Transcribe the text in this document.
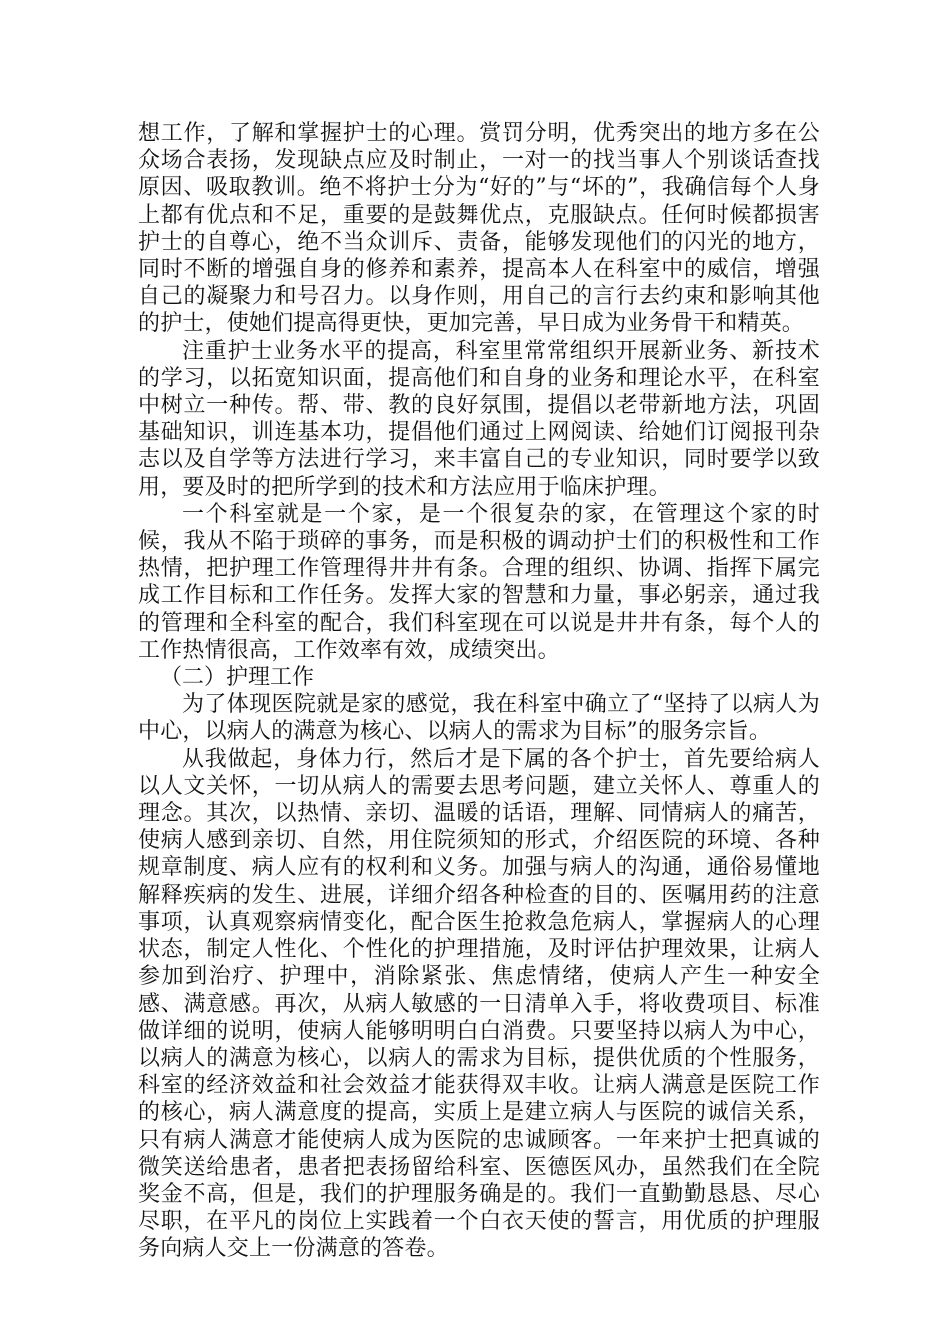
想工作，了解和掌握护士的心理。赏罚分明，优秀突出的地方多在公众场合表扬，发现缺点应及时制止，一对一的找当事人个别谈话查找原因、吸取教训。绝不将护士分为“好的”与“坏的”，我确信每个人身上都有优点和不足，重要的是鼓舞优点，克服缺点。任何时候都损害护士的自尊心，绝不当众训斥、责备，能够发现他们的闪光的地方，同时不断的增强自身的修养和素养，提高本人在科室中的威信，增强自己的凝聚力和号召力。以身作则，用自己的言行去约束和影响其他的护士，使她们提高得更快，更加完善，早日成为业务骨干和精英。

注重护士业务水平的提高，科室里常常组织开展新业务、新技术的学习，以拓宽知识面，提高他们和自身的业务和理论水平，在科室中树立一种传。帮、带、教的良好氛围，提倡以老带新地方法，巩固基础知识，训连基本功，提倡他们通过上网阅读、给她们订阅报刊杂志以及自学等方法进行学习，来丰富自己的专业知识，同时要学以致用，要及时的把所学到的技术和方法应用于临床护理。

一个科室就是一个家，是一个很复杂的家，在管理这个家的时候，我从不陷于琐碎的事务，而是积极的调动护士们的积极性和工作热情，把护理工作管理得井井有条。合理的组织、协调、指挥下属完成工作目标和工作任务。发挥大家的智慧和力量，事必躬亲，通过我的管理和全科室的配合，我们科室现在可以说是井井有条，每个人的工作热情很高，工作效率有效，成绩突出。

（二）护理工作

为了体现医院就是家的感觉，我在科室中确立了“坚持了以病人为中心，以病人的满意为核心、以病人的需求为目标”的服务宗旨。

从我做起，身体力行，然后才是下属的各个护士，首先要给病人以人文关怀，一切从病人的需要去思考问题，建立关怀人、尊重人的理念。其次，以热情、亲切、温暖的话语，理解、同情病人的痛苦，使病人感到亲切、自然，用住院须知的形式，介绍医院的环境、各种规章制度、病人应有的权利和义务。加强与病人的沟通，通俗易懂地解释疾病的发生、进展，详细介绍各种检查的目的、医嘱用药的注意事项，认真观察病情变化，配合医生抢救急危病人，掌握病人的心理状态，制定人性化、个性化的护理措施，及时评估护理效果，让病人参加到治疗、护理中，消除紧张、焦虑情绪，使病人产生一种安全感、满意感。再次，从病人敏感的一日清单入手，将收费项目、标准做详细的说明，使病人能够明明白白消费。只要坚持以病人为中心，以病人的满意为核心，以病人的需求为目标，提供优质的个性服务，科室的经济效益和社会效益才能获得双丰收。让病人满意是医院工作的核心，病人满意度的提高，实质上是建立病人与医院的诚信关系，只有病人满意才能使病人成为医院的忠诚顾客。一年来护士把真诚的微笑送给患者，患者把表扬留给科室、医德医风办，虽然我们在全院奖金不高，但是，我们的护理服务确是的。我们一直勤勤恳恳、尽心尽职，在平凡的岗位上实践着一个白衣天使的誓言，用优质的护理服务向病人交上一份满意的答卷。
